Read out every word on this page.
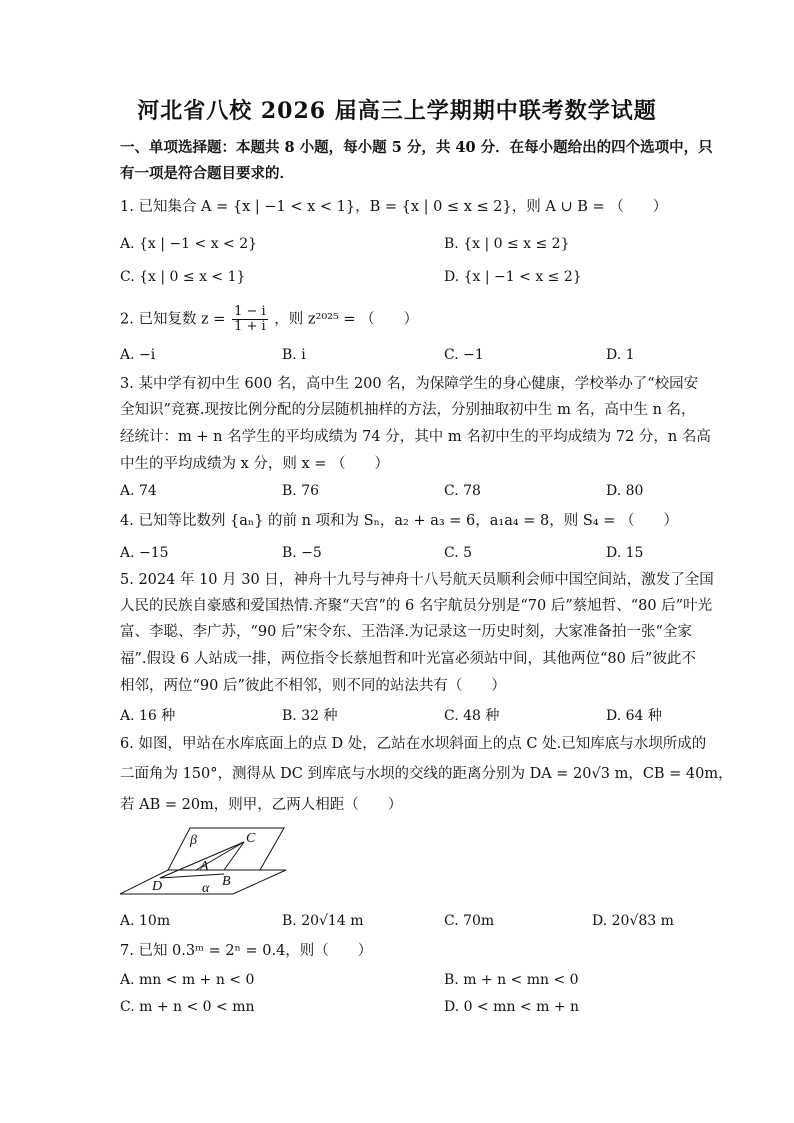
河北省八校 2026 届高三上学期期中联考数学试题
一、单项选择题：本题共 8 小题，每小题 5 分，共 40 分．在每小题给出的四个选项中，只
有一项是符合题目要求的．
1. 已知集合 A = {x | −1 < x < 1}，B = {x | 0 ≤ x ≤ 2}，则 A ∪ B = （　　）
A. {x | −1 < x < 2}	B. {x | 0 ≤ x ≤ 2}
C. {x | 0 ≤ x < 1}	D. {x | −1 < x ≤ 2}
2. 已知复数 $z = \frac{1 - i}{1 + i}$ ，则 z²⁰²⁵ = （　　）
A. −i	B. i	C. −1	D. 1
3. 某中学有初中生 600 名，高中生 200 名，为保障学生的身心健康，学校举办了“校园安
全知识”竞赛.现按比例分配的分层随机抽样的方法，分别抽取初中生 m 名，高中生 n 名，
经统计：m + n 名学生的平均成绩为 74 分，其中 m 名初中生的平均成绩为 72 分，n 名高
中生的平均成绩为 x 分，则 x = （　　）
A. 74	B. 76	C. 78	D. 80
4. 已知等比数列 {aₙ} 的前 n 项和为 Sₙ，a₂ + a₃ = 6，a₁a₄ = 8，则 S₄ = （　　）
A. −15	B. −5	C. 5	D. 15
5. 2024 年 10 月 30 日，神舟十九号与神舟十八号航天员顺利会师中国空间站，激发了全国
人民的民族自豪感和爱国热情.齐聚“天宫”的 6 名宇航员分别是“70 后”蔡旭哲、“80 后”叶光
富、李聪、李广苏，“90 后”宋令东、王浩泽.为记录这一历史时刻，大家准备拍一张“全家
福”.假设 6 人站成一排，两位指令长蔡旭哲和叶光富必须站中间，其他两位“80 后”彼此不
相邻，两位“90 后”彼此不相邻，则不同的站法共有（　　）
A. 16 种	B. 32 种	C. 48 种	D. 64 种
6. 如图，甲站在水库底面上的点 D 处，乙站在水坝斜面上的点 C 处.已知库底与水坝所成的
二面角为 150°，测得从 DC 到库底与水坝的交线的距离分别为 DA = 20√3 m，CB = 40m，
若 AB = 20m，则甲，乙两人相距（　　）
β	C
A
D	α B
A. 10m	B. 20√14 m	C. 70m	D. 20√83 m
7. 已知 0.3ᵐ = 2ⁿ = 0.4，则（　　）
A. mn < m + n < 0	B. m + n < mn < 0
C. m + n < 0 < mn	D. 0 < mn < m + n
